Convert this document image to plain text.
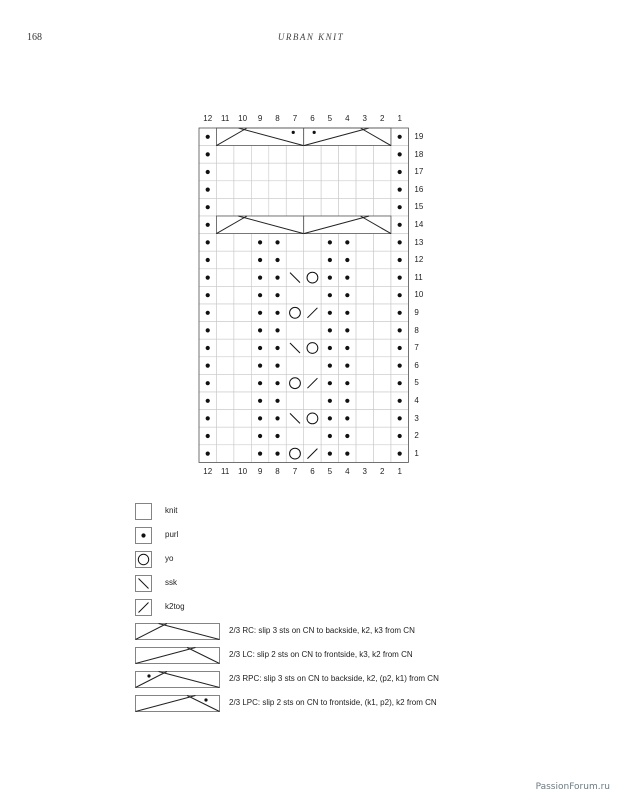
168	URBAN KNIT
12
12
11
11
10
10
9
9
8
8
7
7
6
6
5
5
4
4
3
3
2
2
1
1
19
18
17
16
15
14
13
12
11
10
9
8
7
6
5
4
3
2
1
knit
purl
yo
ssk
k2tog
2/3 RC: slip 3 sts on CN to backside, k2, k3 from CN
2/3 LC: slip 2 sts on CN to frontside, k3, k2 from CN
2/3 RPC: slip 3 sts on CN to backside, k2, (p2, k1) from CN
2/3 LPC: slip 2 sts on CN to frontside, (k1, p2), k2 from CN
PassionForum.ru
